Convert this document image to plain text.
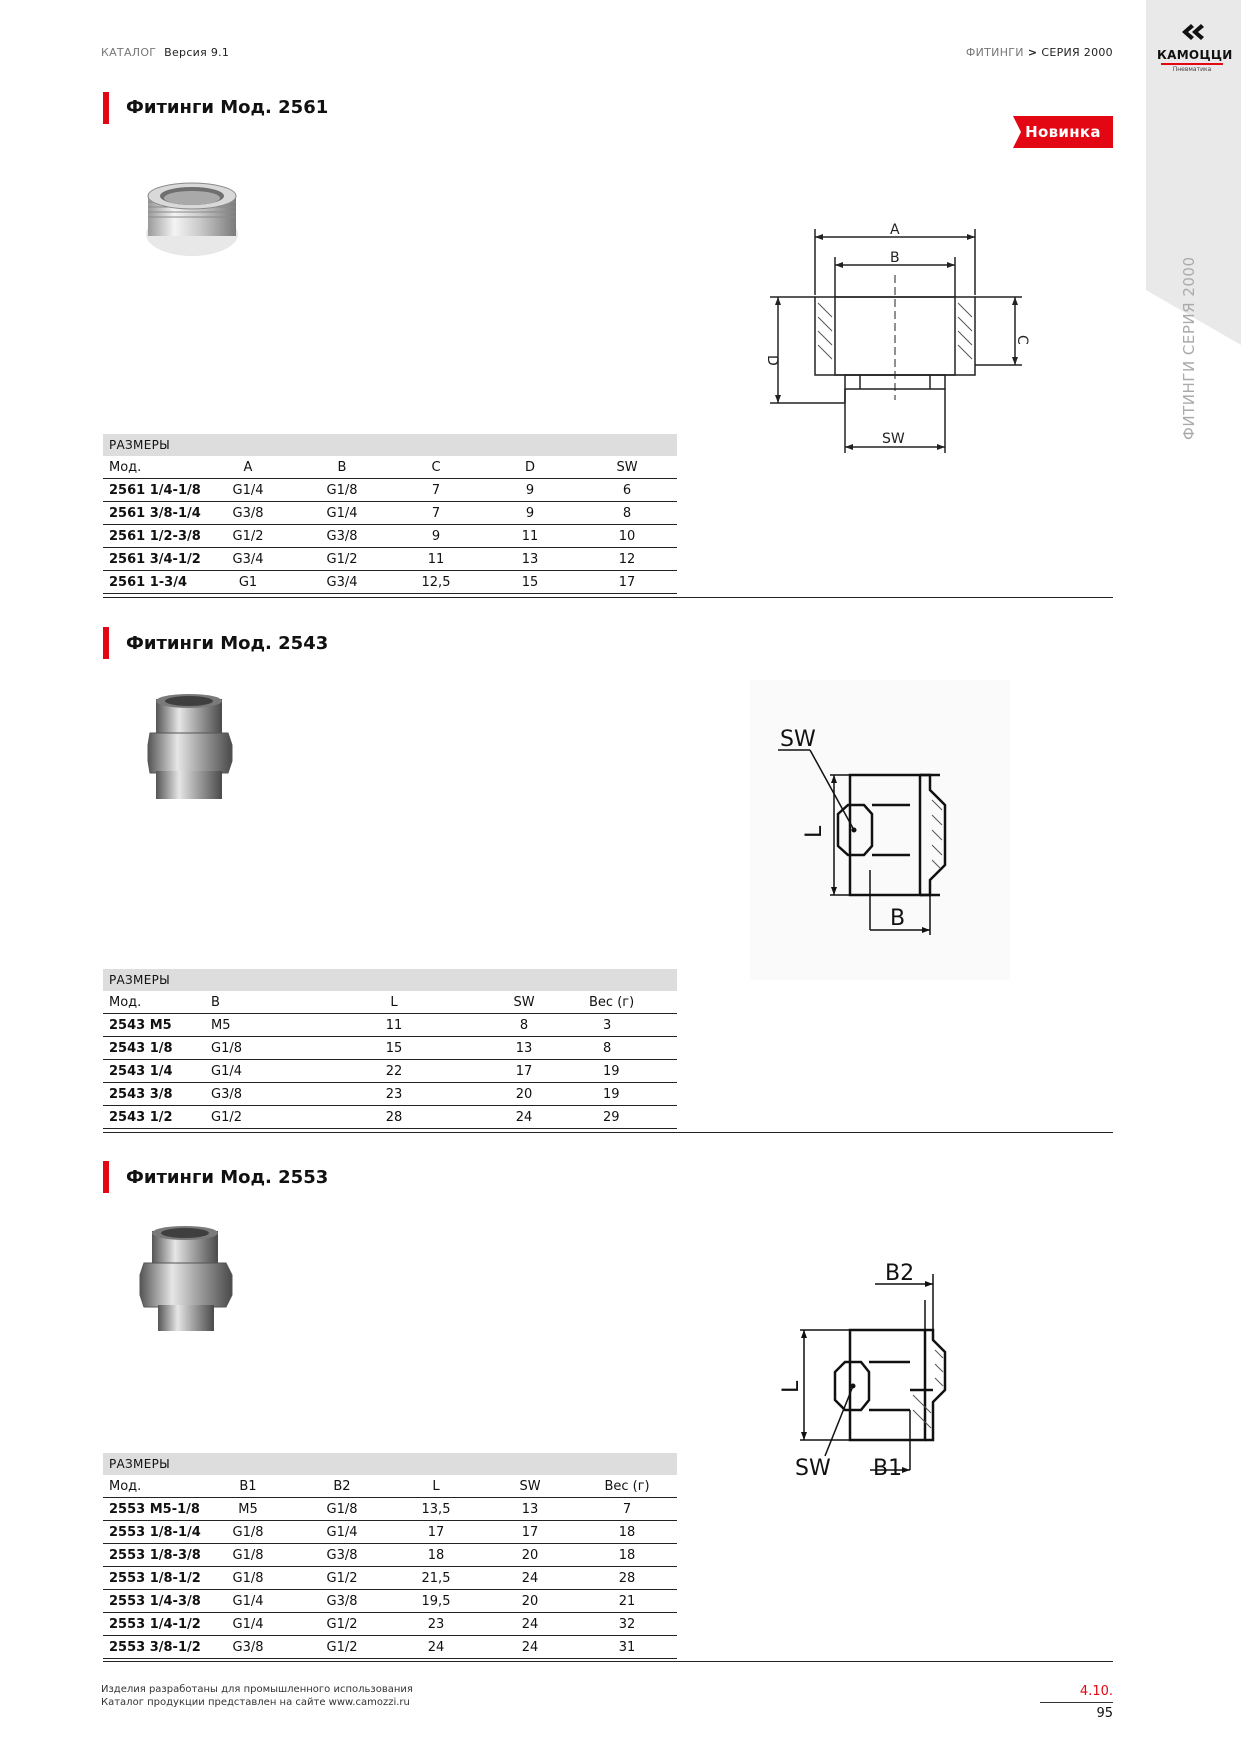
КАТАЛОГ Версия 9.1	ФИТИНГИ > СЕРИЯ 2000	КАМОЦЦИ
Пневматика
ФИТИНГИ СЕРИЯ 2000
Фитинги Мод. 2561
Новинка
A
B
C
D
SW
РАЗМЕРЫ					
Мод.	A	B	C	D	SW
2561 1/4-1/8	G1/4	G1/8	7	9	6
2561 3/8-1/4	G3/8	G1/4	7	9	8
2561 1/2-3/8	G1/2	G3/8	9	11	10
2561 3/4-1/2	G3/4	G1/2	11	13	12
2561 1-3/4	G1	G3/4	12,5	15	17
Фитинги Мод. 2543
SW
L
B
РАЗМЕРЫ				
Мод.	B	L	SW	Вес (г)
2543 M5	M5	11	8	3
2543 1/8	G1/8	15	13	8
2543 1/4	G1/4	22	17	19
2543 3/8	G3/8	23	20	19
2543 1/2	G1/2	28	24	29
Фитинги Мод. 2553
B2
L
SW B1
РАЗМЕРЫ					
Мод.	B1	B2	L	SW	Вес (г)
2553 M5-1/8	M5	G1/8	13,5	13	7
2553 1/8-1/4	G1/8	G1/4	17	17	18
2553 1/8-3/8	G1/8	G3/8	18	20	18
2553 1/8-1/2	G1/8	G1/2	21,5	24	28
2553 1/4-3/8	G1/4	G3/8	19,5	20	21
2553 1/4-1/2	G1/4	G1/2	23	24	32
2553 3/8-1/2	G3/8	G1/2	24	24	31
Изделия разработаны для промышленного использования
Каталог продукции представлен на сайте www.camozzi.ru
4.10.
95
